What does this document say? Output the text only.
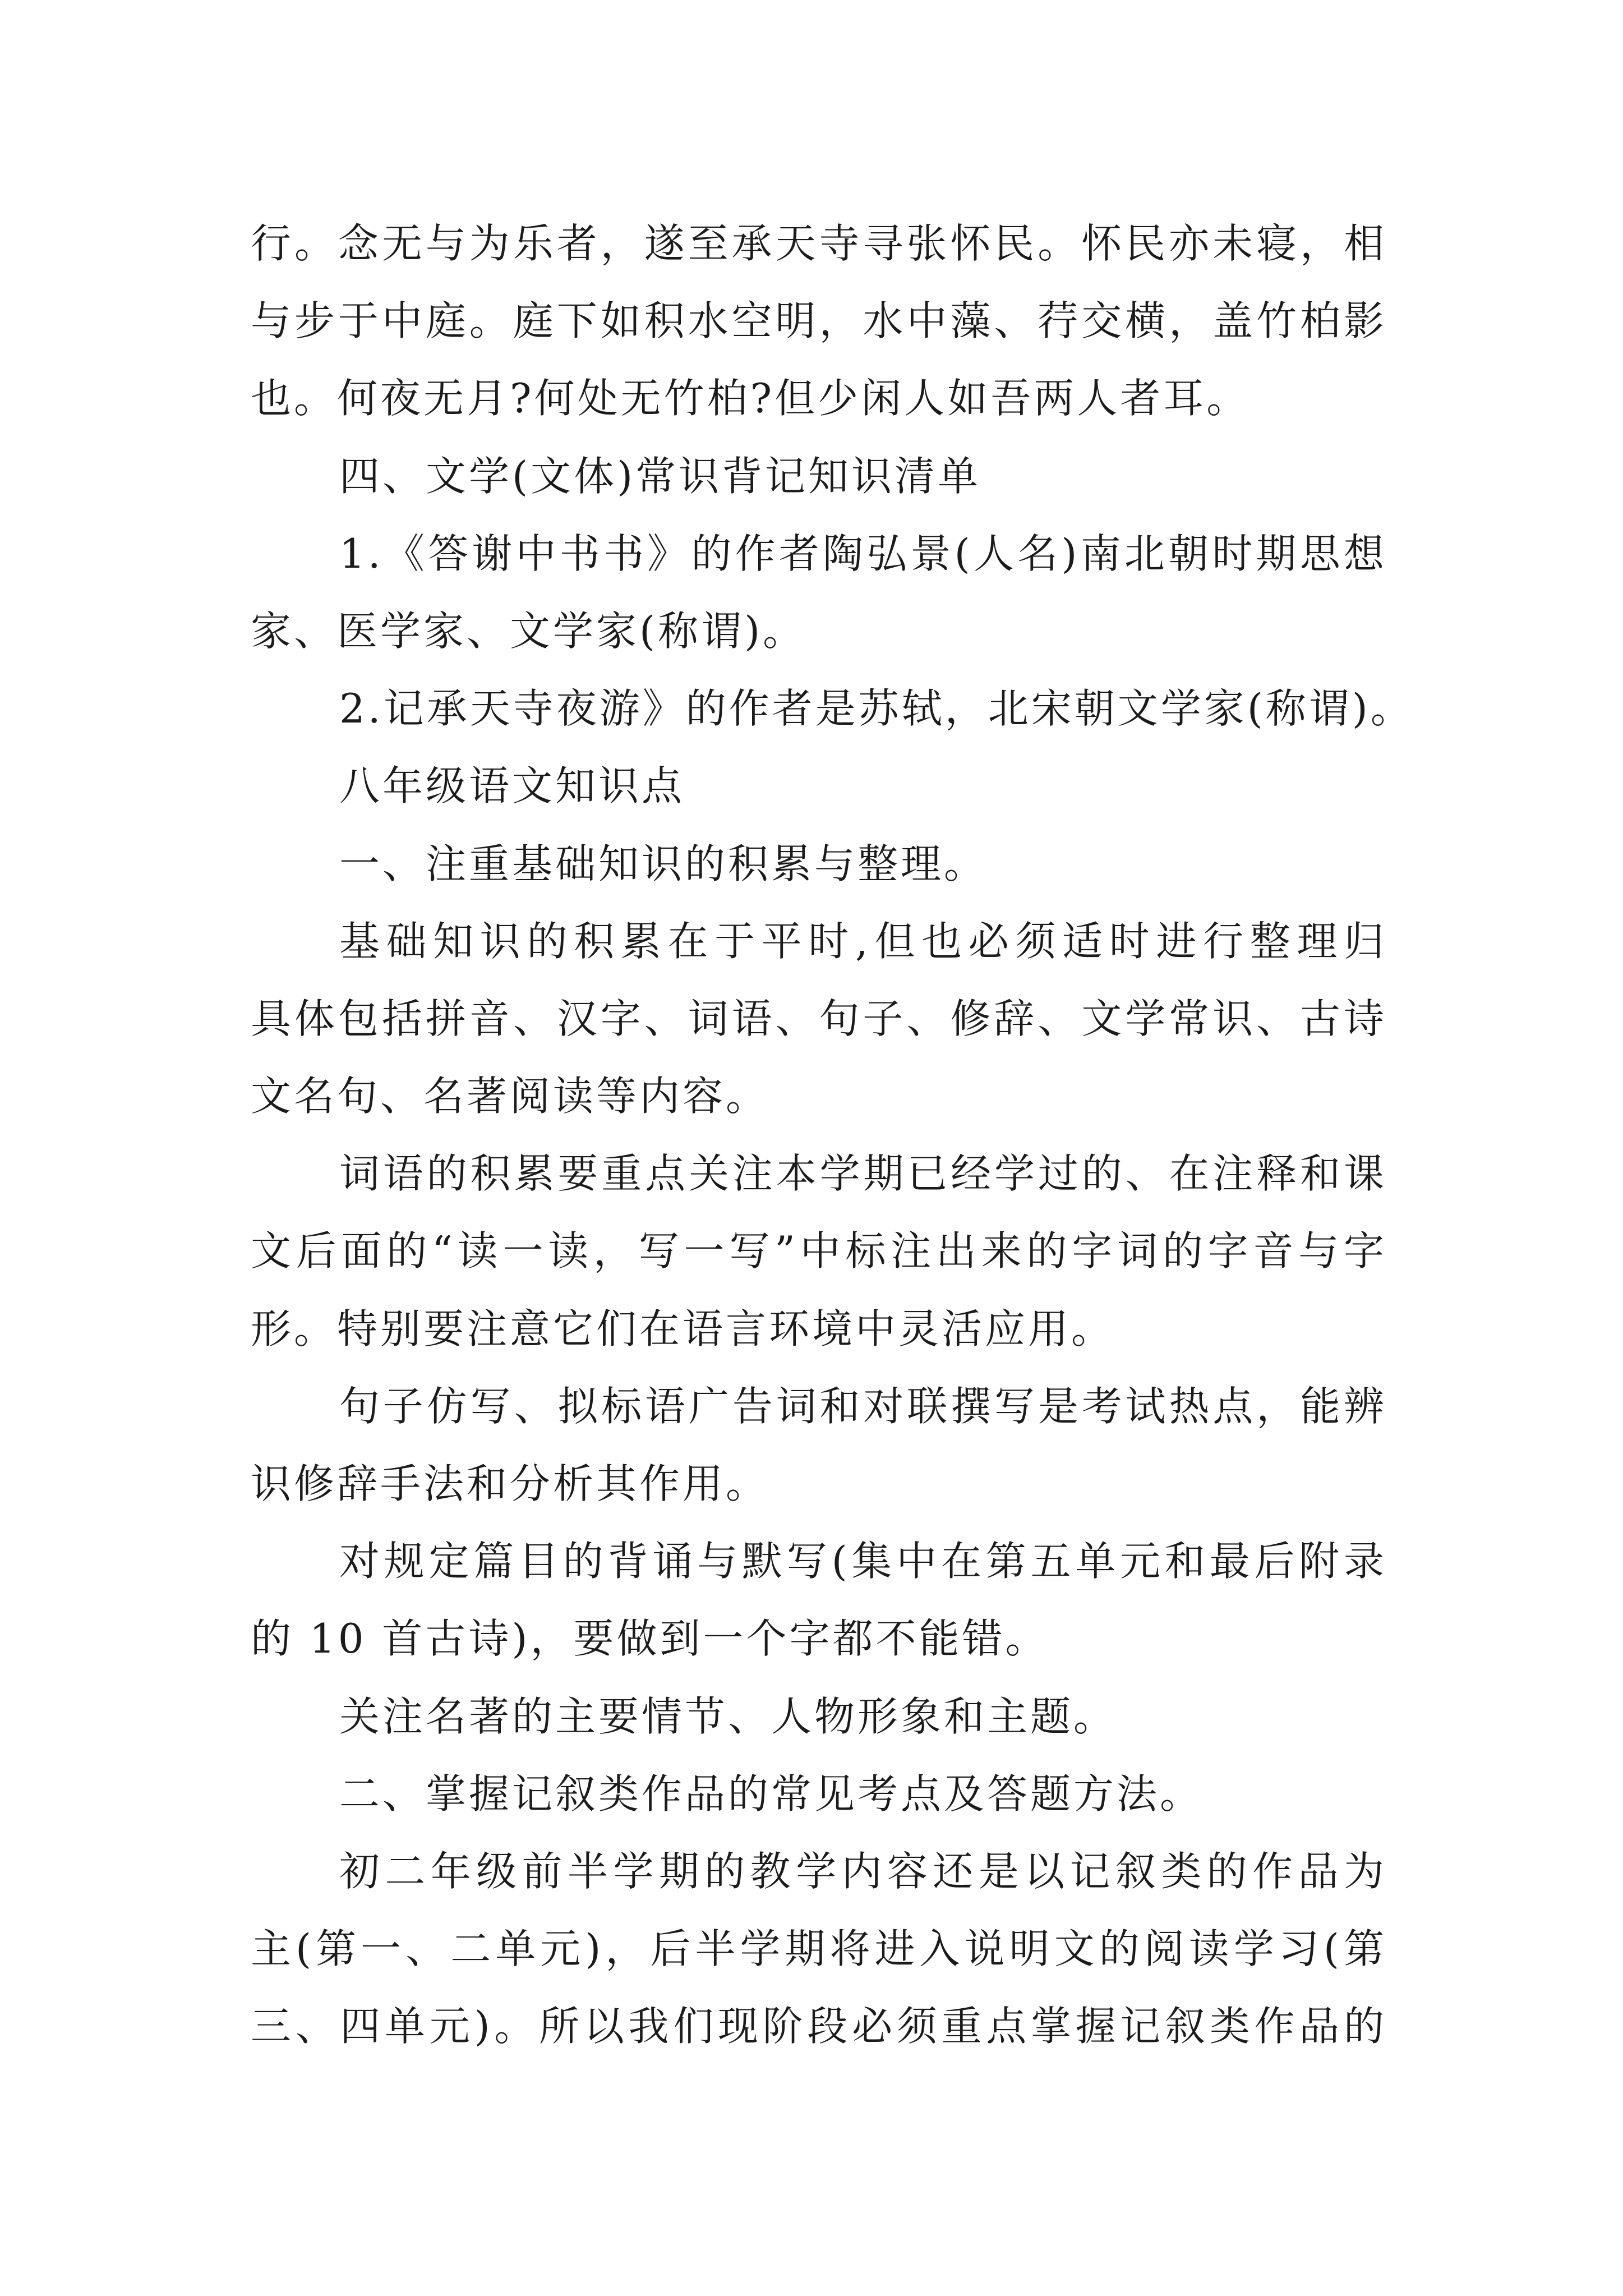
行。念无与为乐者，遂至承天寺寻张怀民。怀民亦未寝，相
与步于中庭。庭下如积水空明，水中藻、荇交横，盖竹柏影
也。何夜无月?何处无竹柏?但少闲人如吾两人者耳。
四、文学(文体)常识背记知识清单
1.《答谢中书书》的作者陶弘景(人名)南北朝时期思想
家、医学家、文学家(称谓)。
2.记承天寺夜游》的作者是苏轼，北宋朝文学家(称谓)。
八年级语文知识点
一、注重基础知识的积累与整理。
基础知识的积累在于平时,但也必须适时进行整理归
具体包括拼音、汉字、词语、句子、修辞、文学常识、古诗
文名句、名著阅读等内容。
词语的积累要重点关注本学期已经学过的、在注释和课
文后面的“读一读，写一写”中标注出来的字词的字音与字
形。特别要注意它们在语言环境中灵活应用。
句子仿写、拟标语广告词和对联撰写是考试热点，能辨
识修辞手法和分析其作用。
对规定篇目的背诵与默写(集中在第五单元和最后附录
的 10 首古诗)，要做到一个字都不能错。
关注名著的主要情节、人物形象和主题。
二、掌握记叙类作品的常见考点及答题方法。
初二年级前半学期的教学内容还是以记叙类的作品为
主(第一、二单元)，后半学期将进入说明文的阅读学习(第
三、四单元)。所以我们现阶段必须重点掌握记叙类作品的
